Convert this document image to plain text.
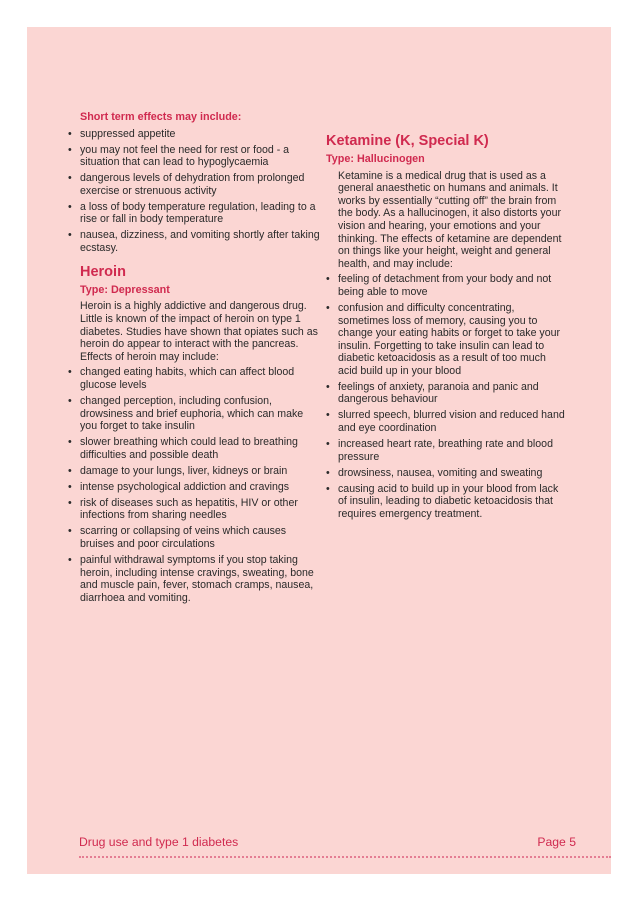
Short term effects may include:
• suppressed appetite
• you may not feel the need for rest or food - a situation that can lead to hypoglycaemia
• dangerous levels of dehydration from prolonged exercise or strenuous activity
• a loss of body temperature regulation, leading to a rise or fall in body temperature
• nausea, dizziness, and vomiting shortly after taking ecstasy.
Heroin
Type: Depressant
Heroin is a highly addictive and dangerous drug. Little is known of the impact of heroin on type 1 diabetes. Studies have shown that opiates such as heroin do appear to interact with the pancreas. Effects of heroin may include:
• changed eating habits, which can affect blood glucose levels
• changed perception, including confusion, drowsiness and brief euphoria, which can make you forget to take insulin
• slower breathing which could lead to breathing difficulties and possible death
• damage to your lungs, liver, kidneys or brain
• intense psychological addiction and cravings
• risk of diseases such as hepatitis, HIV or other infections from sharing needles
• scarring or collapsing of veins which causes bruises and poor circulations
• painful withdrawal symptoms if you stop taking heroin, including intense cravings, sweating, bone and muscle pain, fever, stomach cramps, nausea, diarrhoea and vomiting.
Ketamine (K, Special K)
Type: Hallucinogen
Ketamine is a medical drug that is used as a general anaesthetic on humans and animals. It works by essentially “cutting off” the brain from the body. As a hallucinogen, it also distorts your vision and hearing, your emotions and your thinking. The effects of ketamine are dependent on things like your height, weight and general health, and may include:
• feeling of detachment from your body and not being able to move
• confusion and difficulty concentrating, sometimes loss of memory, causing you to change your eating habits or forget to take your insulin. Forgetting to take insulin can lead to diabetic ketoacidosis as a result of too much acid build up in your blood
• feelings of anxiety, paranoia and panic and dangerous behaviour
• slurred speech, blurred vision and reduced hand and eye coordination
• increased heart rate, breathing rate and blood pressure
• drowsiness, nausea, vomiting and sweating
• causing acid to build up in your blood from lack of insulin, leading to diabetic ketoacidosis that requires emergency treatment.
Drug use and type 1 diabetes	Page 5
